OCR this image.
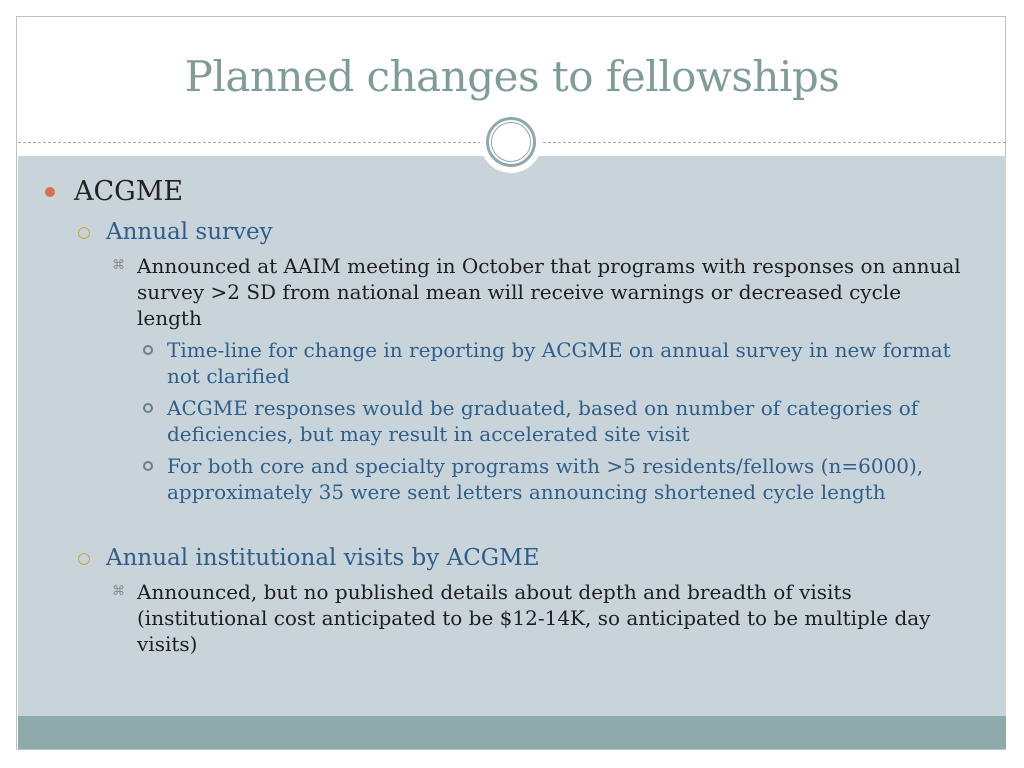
Planned changes to fellowships
ACGME
Annual survey
⌘ Announced at AAIM meeting in October that programs with responses on annual survey >2 SD from national mean will receive warnings or decreased cycle length
Time-line for change in reporting by ACGME on annual survey in new format not clarified
ACGME responses would be graduated, based on number of categories of deficiencies, but may result in accelerated site visit
For both core and specialty programs with >5 residents/fellows (n=6000), approximately 35 were sent letters announcing shortened cycle length
Annual institutional visits by ACGME
⌘ Announced, but no published details about depth and breadth of visits (institutional cost anticipated to be $12-14K, so anticipated to be multiple day visits)
